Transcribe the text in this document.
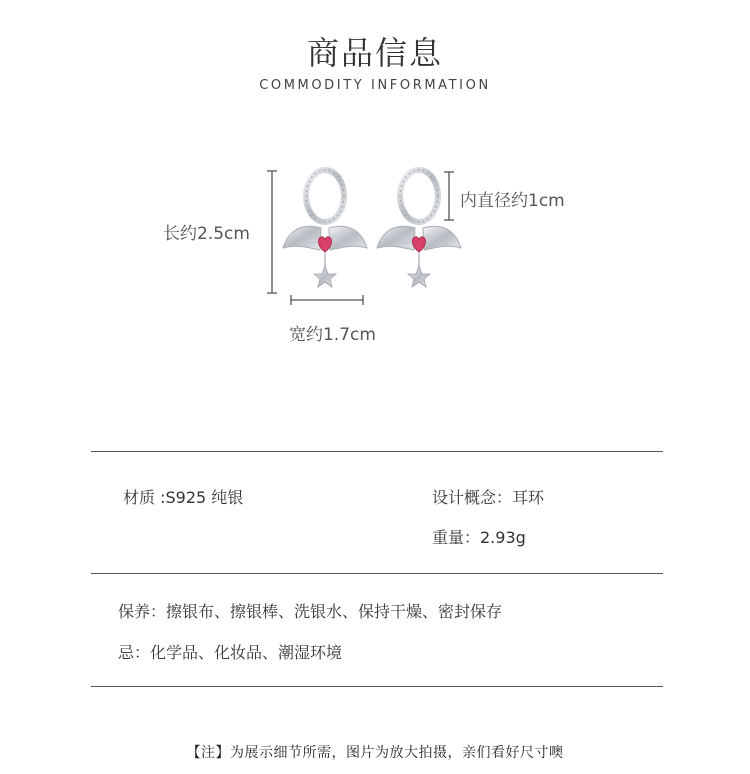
商品信息
COMMODITY INFORMATION
长约2.5cm
内直径约1cm
宽约1.7cm
材质 :S925 纯银	设计概念：耳环
重量：2.93g
保养：擦银布、擦银棒、洗银水、保持干燥、密封保存
忌：化学品、化妆品、潮湿环境
【注】为展示细节所需，图片为放大拍摄，亲们看好尺寸噢
